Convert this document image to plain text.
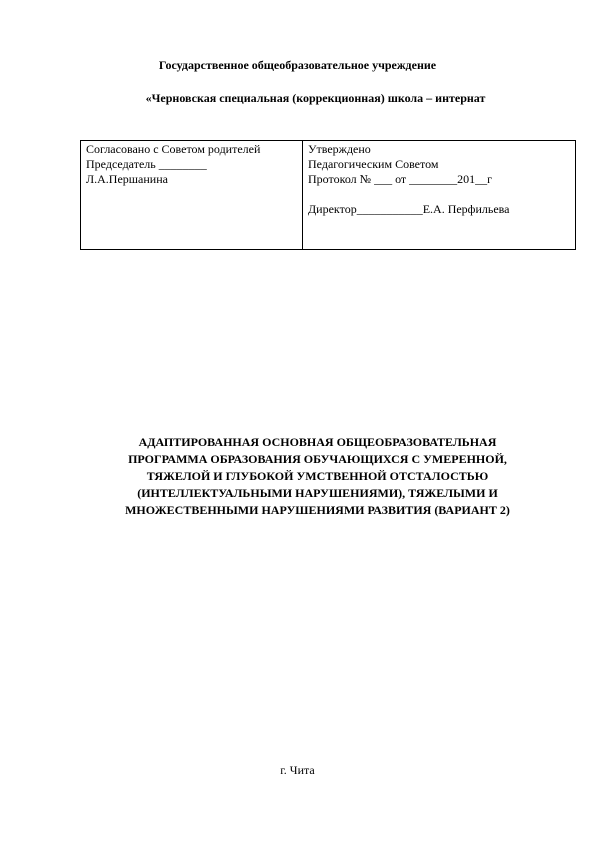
Государственное общеобразовательное учреждение
«Черновская специальная (коррекционная) школа – интернат
Согласовано с Советом родителей
Председатель ________
Л.А.Першанина
Утверждено
Педагогическим Советом
Протокол № ___ от ________201__г
Директор___________Е.А. Перфильева
АДАПТИРОВАННАЯ ОСНОВНАЯ ОБЩЕОБРАЗОВАТЕЛЬНАЯ
ПРОГРАММА ОБРАЗОВАНИЯ ОБУЧАЮЩИХСЯ С УМЕРЕННОЙ,
ТЯЖЕЛОЙ И ГЛУБОКОЙ УМСТВЕННОЙ ОТСТАЛОСТЬЮ
(ИНТЕЛЛЕКТУАЛЬНЫМИ НАРУШЕНИЯМИ), ТЯЖЕЛЫМИ И
МНОЖЕСТВЕННЫМИ НАРУШЕНИЯМИ РАЗВИТИЯ (ВАРИАНТ 2)
г. Чита
